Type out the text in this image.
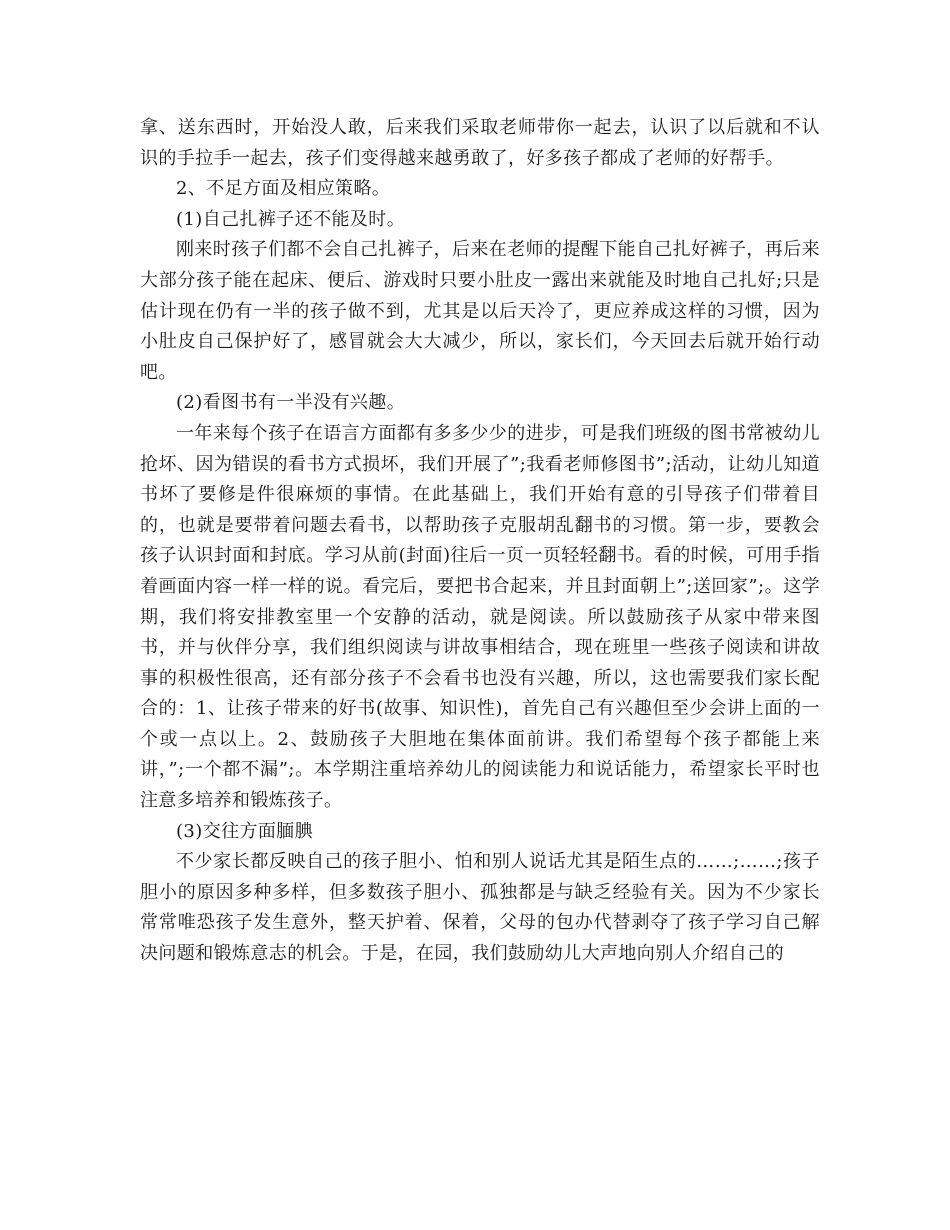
拿、送东西时，开始没人敢，后来我们采取老师带你一起去，认识了以后就和不认识的手拉手一起去，孩子们变得越来越勇敢了，好多孩子都成了老师的好帮手。

2、不足方面及相应策略。

(1)自己扎裤子还不能及时。

刚来时孩子们都不会自己扎裤子，后来在老师的提醒下能自己扎好裤子，再后来大部分孩子能在起床、便后、游戏时只要小肚皮一露出来就能及时地自己扎好;只是估计现在仍有一半的孩子做不到，尤其是以后天冷了，更应养成这样的习惯，因为小肚皮自己保护好了，感冒就会大大减少，所以，家长们，今天回去后就开始行动吧。

(2)看图书有一半没有兴趣。

一年来每个孩子在语言方面都有多多少少的进步，可是我们班级的图书常被幼儿抢坏、因为错误的看书方式损坏，我们开展了”;我看老师修图书”;活动，让幼儿知道书坏了要修是件很麻烦的事情。在此基础上，我们开始有意的引导孩子们带着目的，也就是要带着问题去看书，以帮助孩子克服胡乱翻书的习惯。第一步，要教会孩子认识封面和封底。学习从前(封面)往后一页一页轻轻翻书。看的时候，可用手指着画面内容一样一样的说。看完后，要把书合起来，并且封面朝上”;送回家”;。这学期，我们将安排教室里一个安静的活动，就是阅读。所以鼓励孩子从家中带来图书，并与伙伴分享，我们组织阅读与讲故事相结合，现在班里一些孩子阅读和讲故事的积极性很高，还有部分孩子不会看书也没有兴趣，所以，这也需要我们家长配合的：1、让孩子带来的好书(故事、知识性)，首先自己有兴趣但至少会讲上面的一个或一点以上。2、鼓励孩子大胆地在集体面前讲。我们希望每个孩子都能上来讲，”;一个都不漏”;。本学期注重培养幼儿的阅读能力和说话能力，希望家长平时也注意多培养和锻炼孩子。

(3)交往方面腼腆

不少家长都反映自己的孩子胆小、怕和别人说话尤其是陌生点的……;……;孩子胆小的原因多种多样，但多数孩子胆小、孤独都是与缺乏经验有关。因为不少家长常常唯恐孩子发生意外，整天护着、保着，父母的包办代替剥夺了孩子学习自己解决问题和锻炼意志的机会。于是，在园，我们鼓励幼儿大声地向别人介绍自己的
